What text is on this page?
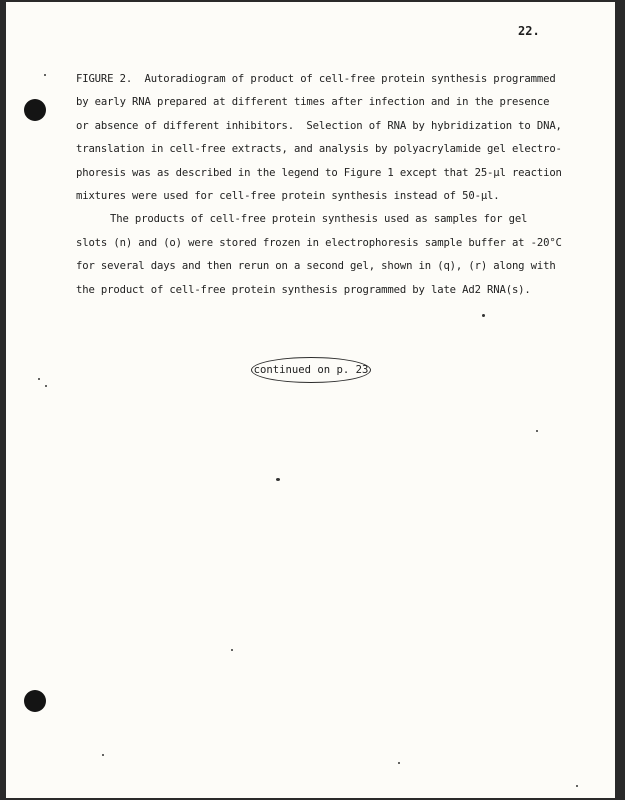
22.
FIGURE 2.  Autoradiogram of product of cell-free protein synthesis programmed
by early RNA prepared at different times after infection and in the presence
or absence of different inhibitors.  Selection of RNA by hybridization to DNA,
translation in cell-free extracts, and analysis by polyacrylamide gel electro-
phoresis was as described in the legend to Figure 1 except that 25-µl reaction
mixtures were used for cell-free protein synthesis instead of 50-µl.
The products of cell-free protein synthesis used as samples for gel
slots (n) and (o) were stored frozen in electrophoresis sample buffer at -20°C
for several days and then rerun on a second gel, shown in (q), (r) along with
the product of cell-free protein synthesis programmed by late Ad2 RNA(s).
continued on p. 23
